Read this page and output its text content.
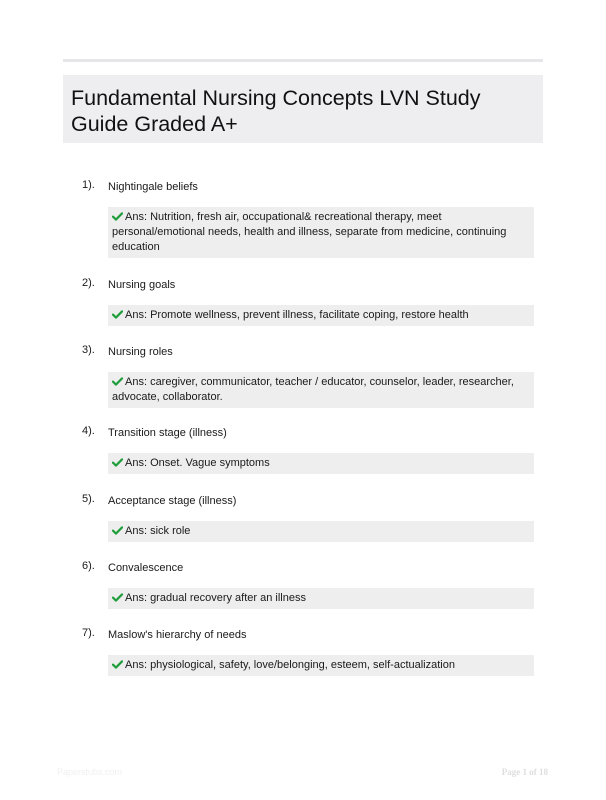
Fundamental Nursing Concepts LVN Study Guide Graded A+
1). Nightingale beliefs
Ans: Nutrition, fresh air, occupational& recreational therapy, meet personal/emotional needs, health and illness, separate from medicine, continuing education
2). Nursing goals
Ans: Promote wellness, prevent illness, facilitate coping, restore health
3). Nursing roles
Ans: caregiver, communicator, teacher / educator, counselor, leader, researcher, advocate, collaborator.
4). Transition stage (illness)
Ans: Onset. Vague symptoms
5). Acceptance stage (illness)
Ans: sick role
6). Convalescence
Ans: gradual recovery after an illness
7). Maslow's hierarchy of needs
Ans: physiological, safety, love/belonging, esteem, self-actualization
Paperstubs.com	Page 1 of 18
